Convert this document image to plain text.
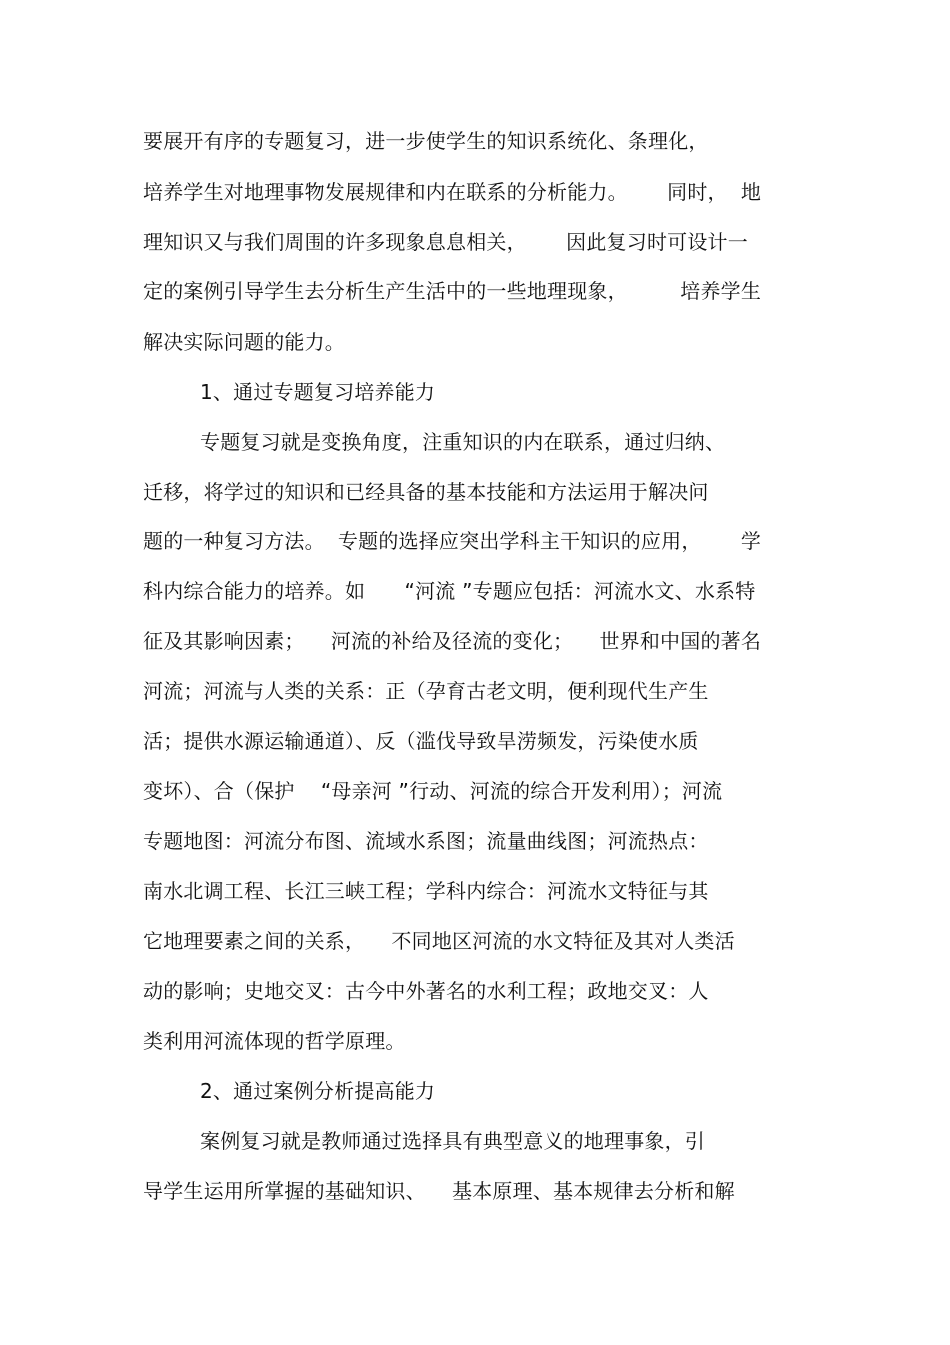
要展开有序的专题复习，进一步使学生的知识系统化、条理化，
培养学生对地理事物发展规律和内在联系的分析能力。      同时，  地
理知识又与我们周围的许多现象息息相关，      因此复习时可设计一
定的案例引导学生去分析生产生活中的一些地理现象，        培养学生
解决实际问题的能力。
1、通过专题复习培养能力
专题复习就是变换角度，注重知识的内在联系，通过归纳、
迁移，将学过的知识和已经具备的基本技能和方法运用于解决问
题的一种复习方法。  专题的选择应突出学科主干知识的应用，      学
科内综合能力的培养。如      “河流 ”专题应包括：河流水文、水系特
征及其影响因素；    河流的补给及径流的变化；    世界和中国的著名
河流；河流与人类的关系：正（孕育古老文明，便利现代生产生
活；提供水源运输通道）、反（滥伐导致旱涝频发，污染使水质
变坏）、合（保护    “母亲河 ”行动、河流的综合开发利用）；河流
专题地图：河流分布图、流域水系图；流量曲线图；河流热点：
南水北调工程、长江三峡工程；学科内综合：河流水文特征与其
它地理要素之间的关系，    不同地区河流的水文特征及其对人类活
动的影响；史地交叉：古今中外著名的水利工程；政地交叉：人
类利用河流体现的哲学原理。
2、通过案例分析提高能力
案例复习就是教师通过选择具有典型意义的地理事象，引
导学生运用所掌握的基础知识、    基本原理、基本规律去分析和解
